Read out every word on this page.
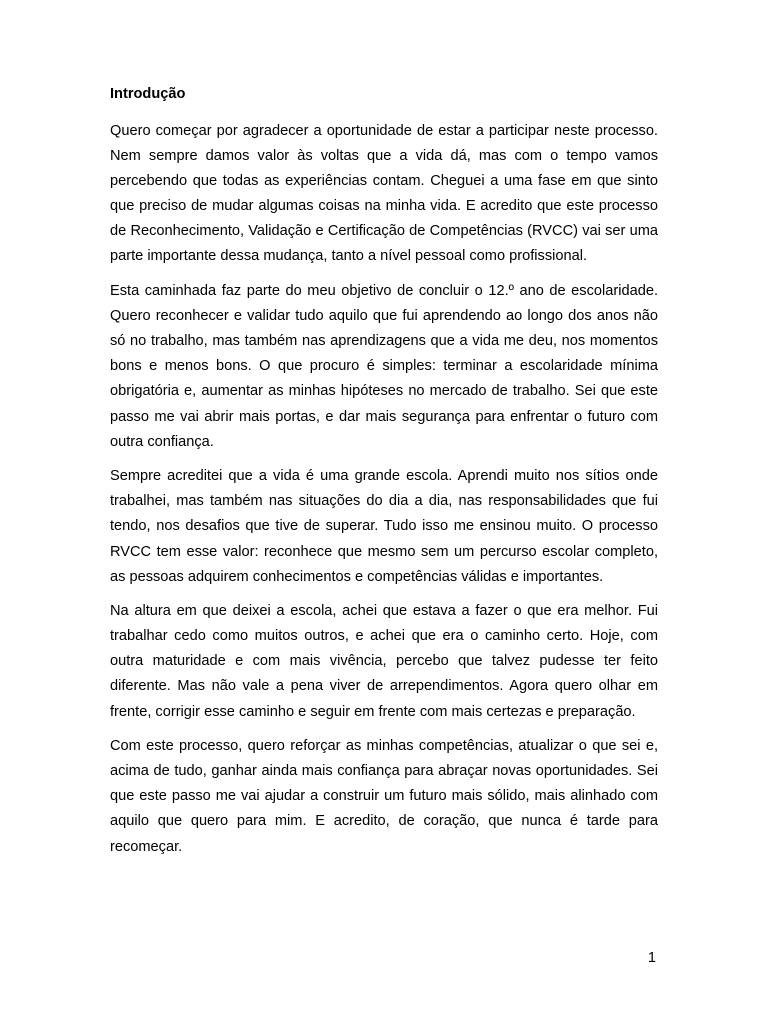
Introdução

Quero começar por agradecer a oportunidade de estar a participar neste processo. Nem sempre damos valor às voltas que a vida dá, mas com o tempo vamos percebendo que todas as experiências contam. Cheguei a uma fase em que sinto que preciso de mudar algumas coisas na minha vida. E acredito que este processo de Reconhecimento, Validação e Certificação de Competências (RVCC) vai ser uma parte importante dessa mudança, tanto a nível pessoal como profissional.

Esta caminhada faz parte do meu objetivo de concluir o 12.º ano de escolaridade. Quero reconhecer e validar tudo aquilo que fui aprendendo ao longo dos anos não só no trabalho, mas também nas aprendizagens que a vida me deu, nos momentos bons e menos bons. O que procuro é simples: terminar a escolaridade mínima obrigatória e, aumentar as minhas hipóteses no mercado de trabalho. Sei que este passo me vai abrir mais portas, e dar mais segurança para enfrentar o futuro com outra confiança.

Sempre acreditei que a vida é uma grande escola. Aprendi muito nos sítios onde trabalhei, mas também nas situações do dia a dia, nas responsabilidades que fui tendo, nos desafios que tive de superar. Tudo isso me ensinou muito. O processo RVCC tem esse valor: reconhece que mesmo sem um percurso escolar completo, as pessoas adquirem conhecimentos e competências válidas e importantes.

Na altura em que deixei a escola, achei que estava a fazer o que era melhor. Fui trabalhar cedo como muitos outros, e achei que era o caminho certo. Hoje, com outra maturidade e com mais vivência, percebo que talvez pudesse ter feito diferente. Mas não vale a pena viver de arrependimentos. Agora quero olhar em frente, corrigir esse caminho e seguir em frente com mais certezas e preparação.

Com este processo, quero reforçar as minhas competências, atualizar o que sei e, acima de tudo, ganhar ainda mais confiança para abraçar novas oportunidades. Sei que este passo me vai ajudar a construir um futuro mais sólido, mais alinhado com aquilo que quero para mim. E acredito, de coração, que nunca é tarde para recomeçar.

1
